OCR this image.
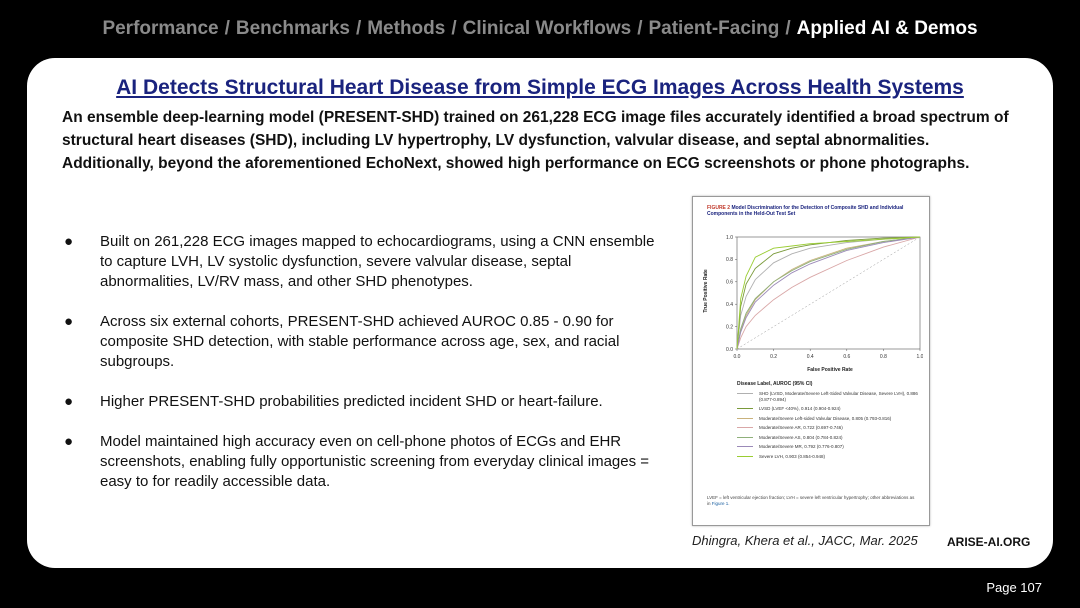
Performance / Benchmarks / Methods / Clinical Workflows / Patient-Facing / Applied AI & Demos
AI Detects Structural Heart Disease from Simple ECG Images Across Health Systems
An ensemble deep-learning model (PRESENT-SHD) trained on 261,228 ECG image files accurately identified a broad spectrum of structural heart diseases (SHD), including LV hypertrophy, LV dysfunction, valvular disease, and septal abnormalities. Additionally, beyond the aforementioned EchoNext, showed high performance on ECG screenshots or phone photographs.
● Built on 261,228 ECG images mapped to echocardiograms, using a CNN ensemble to capture LVH, LV systolic dysfunction, severe valvular disease, septal abnormalities, LV/RV mass, and other SHD phenotypes.
● Across six external cohorts, PRESENT-SHD achieved AUROC 0.85 - 0.90 for composite SHD detection, with stable performance across age, sex, and racial subgroups.
● Higher PRESENT-SHD probabilities predicted incident SHD or heart-failure.
● Model maintained high accuracy even on cell-phone photos of ECGs and EHR screenshots, enabling fully opportunistic screening from everyday clinical images = easy to for readily accessible data.
FIGURE 2 Model Discrimination for the Detection of Composite SHD and Individual Components in the Held-Out Test Set
0.0	0.2	0.4	0.6	0.8	1.0
0.0
0.2
0.4
0.6
0.8
1.0
False Positive Rate
True Positive Rate
Disease Label, AUROC (95% CI)
SHD (LVSD, Moderate/Severe Left-Sided Valvular Disease, Severe LVH), 0.886 (0.877-0.894)
LVSD (LVEF <40%), 0.914 (0.904-0.924)
Moderate/Severe Left-sided Valvular Disease, 0.805 (0.793-0.816)
Moderate/Severe AR, 0.722 (0.697-0.746)
Moderate/Severe AS, 0.804 (0.784-0.824)
Moderate/Severe MR, 0.792 (0.776-0.807)
Severe LVH, 0.903 (0.854-0.948)
LVEF = left ventricular ejection fraction; LVH = severe left ventricular hypertrophy; other abbreviations as in Figure 1.
Dhingra, Khera et al., JACC, Mar. 2025 ARISE-AI.ORG
Page 107
